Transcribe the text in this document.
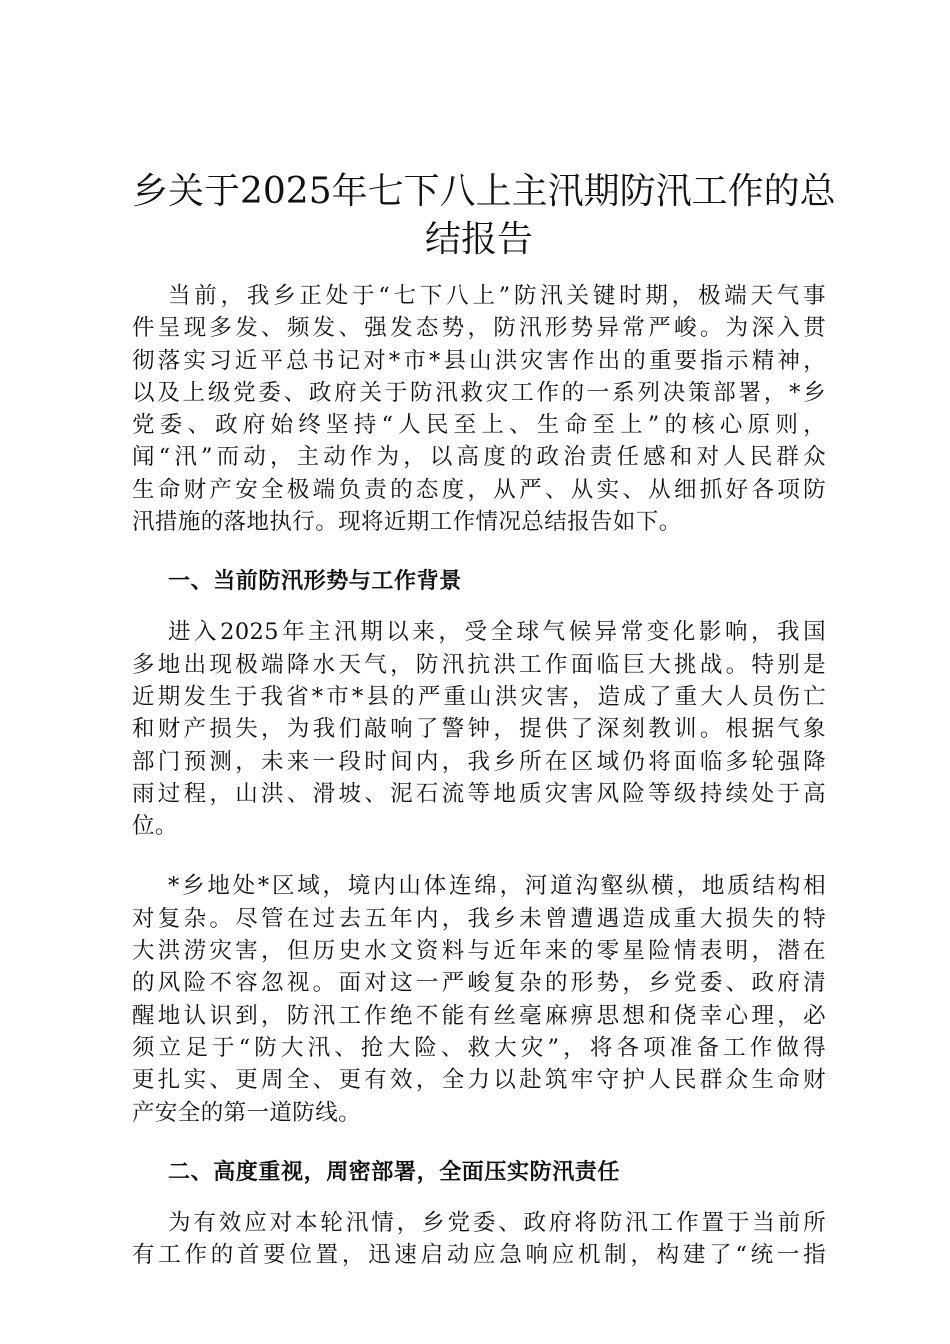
乡关于2025年七下八上主汛期防汛工作的总
结报告
当前，我乡正处于“七下八上”防汛关键时期，极端天气事
件呈现多发、频发、强发态势，防汛形势异常严峻。为深入贯
彻落实习近平总书记对*市*县山洪灾害作出的重要指示精神，
以及上级党委、政府关于防汛救灾工作的一系列决策部署，*乡
党委、政府始终坚持“人民至上、生命至上”的核心原则，
闻“汛”而动，主动作为，以高度的政治责任感和对人民群众
生命财产安全极端负责的态度，从严、从实、从细抓好各项防
汛措施的落地执行。现将近期工作情况总结报告如下。
一、当前防汛形势与工作背景
进入2025年主汛期以来，受全球气候异常变化影响，我国
多地出现极端降水天气，防汛抗洪工作面临巨大挑战。特别是
近期发生于我省*市*县的严重山洪灾害，造成了重大人员伤亡
和财产损失，为我们敲响了警钟，提供了深刻教训。根据气象
部门预测，未来一段时间内，我乡所在区域仍将面临多轮强降
雨过程，山洪、滑坡、泥石流等地质灾害风险等级持续处于高
位。
*乡地处*区域，境内山体连绵，河道沟壑纵横，地质结构相
对复杂。尽管在过去五年内，我乡未曾遭遇造成重大损失的特
大洪涝灾害，但历史水文资料与近年来的零星险情表明，潜在
的风险不容忽视。面对这一严峻复杂的形势，乡党委、政府清
醒地认识到，防汛工作绝不能有丝毫麻痹思想和侥幸心理，必
须立足于“防大汛、抢大险、救大灾”，将各项准备工作做得
更扎实、更周全、更有效，全力以赴筑牢守护人民群众生命财
产安全的第一道防线。
二、高度重视，周密部署，全面压实防汛责任
为有效应对本轮汛情，乡党委、政府将防汛工作置于当前所
有工作的首要位置，迅速启动应急响应机制，构建了“统一指
